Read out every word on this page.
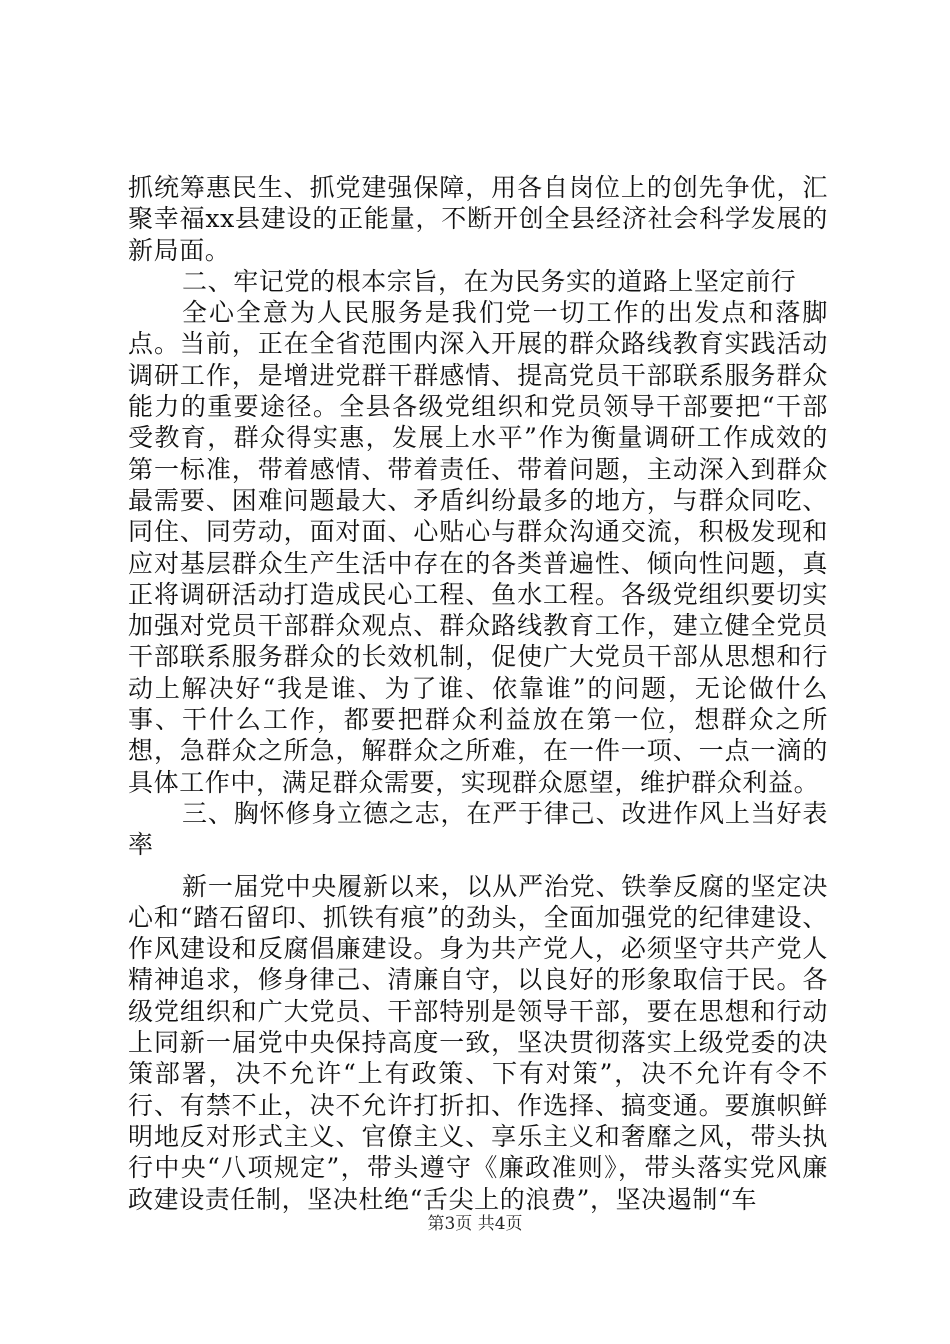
抓统筹惠民生、抓党建强保障，用各自岗位上的创先争优，汇聚幸福xx县建设的正能量，不断开创全县经济社会科学发展的新局面。

二、牢记党的根本宗旨，在为民务实的道路上坚定前行

全心全意为人民服务是我们党一切工作的出发点和落脚点。当前，正在全省范围内深入开展的群众路线教育实践活动调研工作，是增进党群干群感情、提高党员干部联系服务群众能力的重要途径。全县各级党组织和党员领导干部要把“干部受教育，群众得实惠，发展上水平”作为衡量调研工作成效的第一标准，带着感情、带着责任、带着问题，主动深入到群众最需要、困难问题最大、矛盾纠纷最多的地方，与群众同吃、同住、同劳动，面对面、心贴心与群众沟通交流，积极发现和应对基层群众生产生活中存在的各类普遍性、倾向性问题，真正将调研活动打造成民心工程、鱼水工程。各级党组织要切实加强对党员干部群众观点、群众路线教育工作，建立健全党员干部联系服务群众的长效机制，促使广大党员干部从思想和行动上解决好“我是谁、为了谁、依靠谁”的问题，无论做什么事、干什么工作，都要把群众利益放在第一位，想群众之所想，急群众之所急，解群众之所难，在一件一项、一点一滴的具体工作中，满足群众需要，实现群众愿望，维护群众利益。

三、胸怀修身立德之志，在严于律己、改进作风上当好表率

新一届党中央履新以来，以从严治党、铁拳反腐的坚定决心和“踏石留印、抓铁有痕”的劲头，全面加强党的纪律建设、作风建设和反腐倡廉建设。身为共产党人，必须坚守共产党人精神追求，修身律己、清廉自守，以良好的形象取信于民。各级党组织和广大党员、干部特别是领导干部，要在思想和行动上同新一届党中央保持高度一致，坚决贯彻落实上级党委的决策部署，决不允许“上有政策、下有对策”，决不允许有令不行、有禁不止，决不允许打折扣、作选择、搞变通。要旗帜鲜明地反对形式主义、官僚主义、享乐主义和奢靡之风，带头执行中央“八项规定”，带头遵守《廉政准则》，带头落实党风廉政建设责任制，坚决杜绝“舌尖上的浪费”，坚决遏制“车

第3页 共4页
